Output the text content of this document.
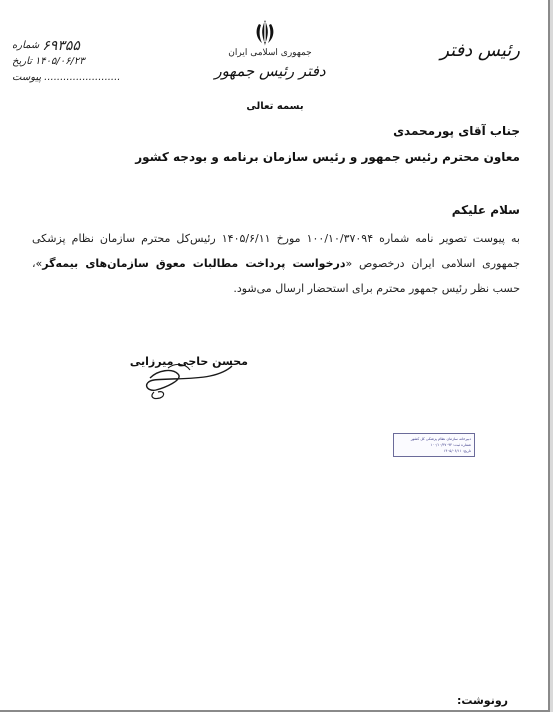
شماره ۶۹۳۵۵
تاریخ ۱۴۰۵/۰۶/۲۳
پیوست ........................
جمهوری اسلامی ایران
دفتر رئیس جمهور
رئیس دفتر
بسمه تعالی
جناب آقای پورمحمدی
معاون محترم رئیس جمهور و رئیس سازمان برنامه و بودجه کشور
سلام علیکم
به پیوست تصویر نامه شماره ۱۰۰/۱۰/۳۷۰۹۴ مورخ ۱۴۰۵/۶/۱۱ رئیس‌کل محترم سازمان نظام پزشکی جمهوری اسلامی ایران درخصوص «درخواست پرداخت مطالبات معوق سازمان‌های بیمه‌گر»، حسب نظر رئیس جمهور محترم برای استحضار ارسال می‌شود.
محسن حاجی میرزایی
دبیرخانه سازمان نظام پزشکی کل کشور
شماره ثبت: ۱۰۰/۱۰/۳۷۰۹۴
تاریخ: ۱۴۰۵/۰۶/۱۱
رونوشت:
